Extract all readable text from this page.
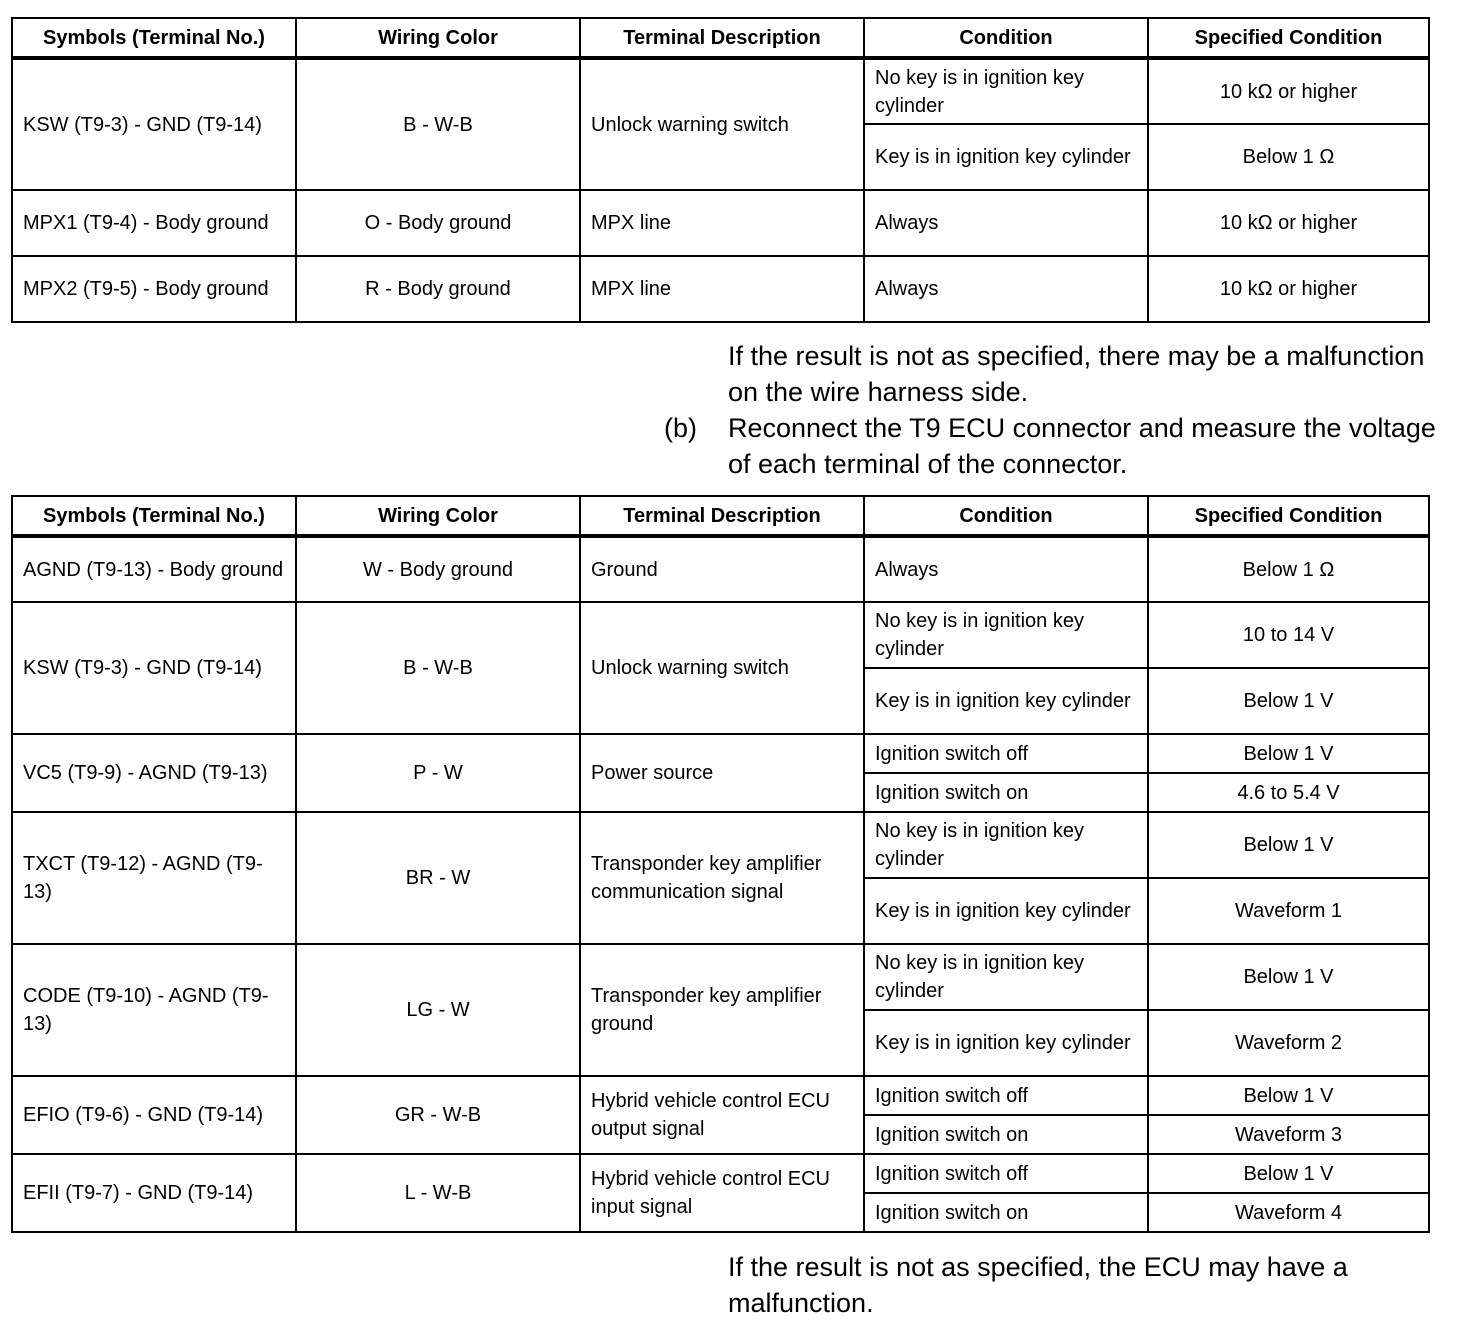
Symbols (Terminal No.)	Wiring Color	Terminal Description	Condition	Specified Condition
KSW (T9-3) - GND (T9-14)	B - W-B	Unlock warning switch	No key is in ignition key cylinder	10 kΩ or higher
			Key is in ignition key cylinder	Below 1 Ω
MPX1 (T9-4) - Body ground	O - Body ground	MPX line	Always	10 kΩ or higher
MPX2 (T9-5) - Body ground	R - Body ground	MPX line	Always	10 kΩ or higher
If the result is not as specified, there may be a malfunction on the wire harness side.
(b) Reconnect the T9 ECU connector and measure the voltage of each terminal of the connector.
Symbols (Terminal No.)	Wiring Color	Terminal Description	Condition	Specified Condition
AGND (T9-13) - Body ground	W - Body ground	Ground	Always	Below 1 Ω
KSW (T9-3) - GND (T9-14)	B - W-B	Unlock warning switch	No key is in ignition key cylinder	10 to 14 V
			Key is in ignition key cylinder	Below 1 V
VC5 (T9-9) - AGND (T9-13)	P - W	Power source	Ignition switch off	Below 1 V
			Ignition switch on	4.6 to 5.4 V
TXCT (T9-12) - AGND (T9-13)	BR - W	Transponder key amplifier communication signal	No key is in ignition key cylinder	Below 1 V
			Key is in ignition key cylinder	Waveform 1
CODE (T9-10) - AGND (T9-13)	LG - W	Transponder key amplifier ground	No key is in ignition key cylinder	Below 1 V
			Key is in ignition key cylinder	Waveform 2
EFIO (T9-6) - GND (T9-14)	GR - W-B	Hybrid vehicle control ECU output signal	Ignition switch off	Below 1 V
			Ignition switch on	Waveform 3
EFII (T9-7) - GND (T9-14)	L - W-B	Hybrid vehicle control ECU input signal	Ignition switch off	Below 1 V
			Ignition switch on	Waveform 4
If the result is not as specified, the ECU may have a malfunction.
